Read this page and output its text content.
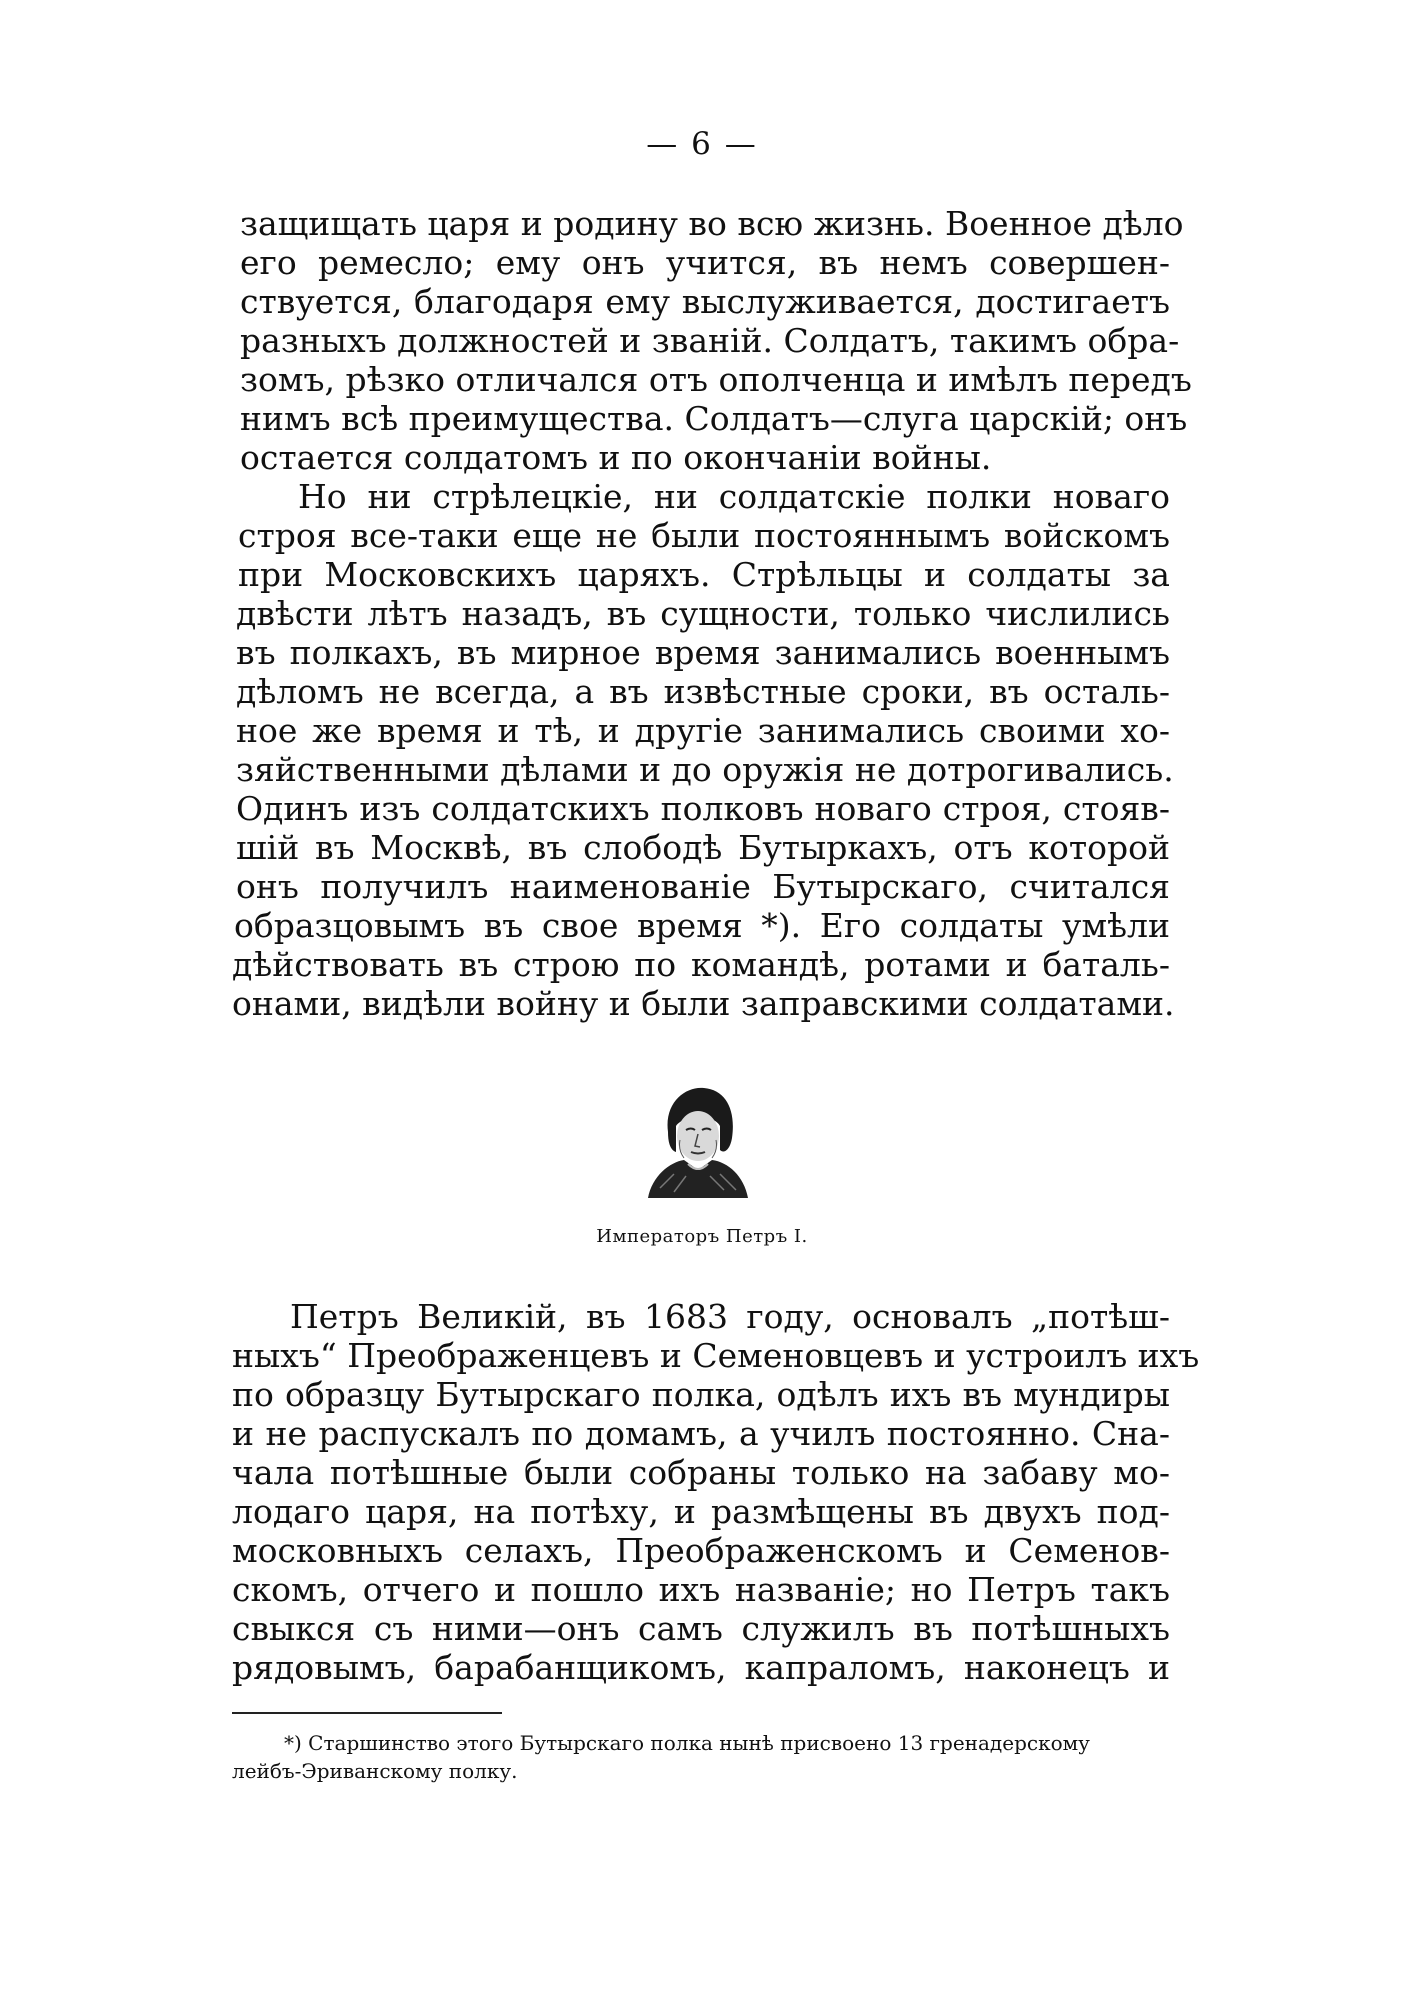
— 6 —
защищать царя и родину во всю жизнь. Военное дѣло
его ремесло; ему онъ учится, въ немъ совершен-
ствуется, благодаря ему выслуживается, достигаетъ
разныхъ должностей и званій. Солдатъ, такимъ обра-
зомъ, рѣзко отличался отъ ополченца и имѣлъ передъ
нимъ всѣ преимущества. Солдатъ—слуга царскій; онъ
остается солдатомъ и по окончаніи войны.
Но ни стрѣлецкіе, ни солдатскіе полки новаго
строя все-таки еще не были постояннымъ войскомъ
при Московскихъ царяхъ. Стрѣльцы и солдаты за
двѣсти лѣтъ назадъ, въ сущности, только числились
въ полкахъ, въ мирное время занимались военнымъ
дѣломъ не всегда, а въ извѣстные сроки, въ осталь-
ное же время и тѣ, и другіе занимались своими хо-
зяйственными дѣлами и до оружія не дотрогивались.
Одинъ изъ солдатскихъ полковъ новаго строя, стояв-
шій въ Москвѣ, въ слободѣ Бутыркахъ, отъ которой
онъ получилъ наименованіе Бутырскаго, считался
образцовымъ въ свое время *). Его солдаты умѣли
дѣйствовать въ строю по командѣ, ротами и баталь-
онами, видѣли войну и были заправскими солдатами.
Императоръ Петръ I.
Петръ Великій, въ 1683 году, основалъ „потѣш-
ныхъ“ Преображенцевъ и Семеновцевъ и устроилъ ихъ
по образцу Бутырскаго полка, одѣлъ ихъ въ мундиры
и не распускалъ по домамъ, а училъ постоянно. Сна-
чала потѣшные были собраны только на забаву мо-
лодаго царя, на потѣху, и размѣщены въ двухъ под-
московныхъ селахъ, Преображенскомъ и Семенов-
скомъ, отчего и пошло ихъ названіе; но Петръ такъ
свыкся съ ними—онъ самъ служилъ въ потѣшныхъ
рядовымъ, барабанщикомъ, капраломъ, наконецъ и
*) Старшинство этого Бутырскаго полка нынѣ присвоено 13 гренадерскому
лейбъ-Эриванскому полку.
